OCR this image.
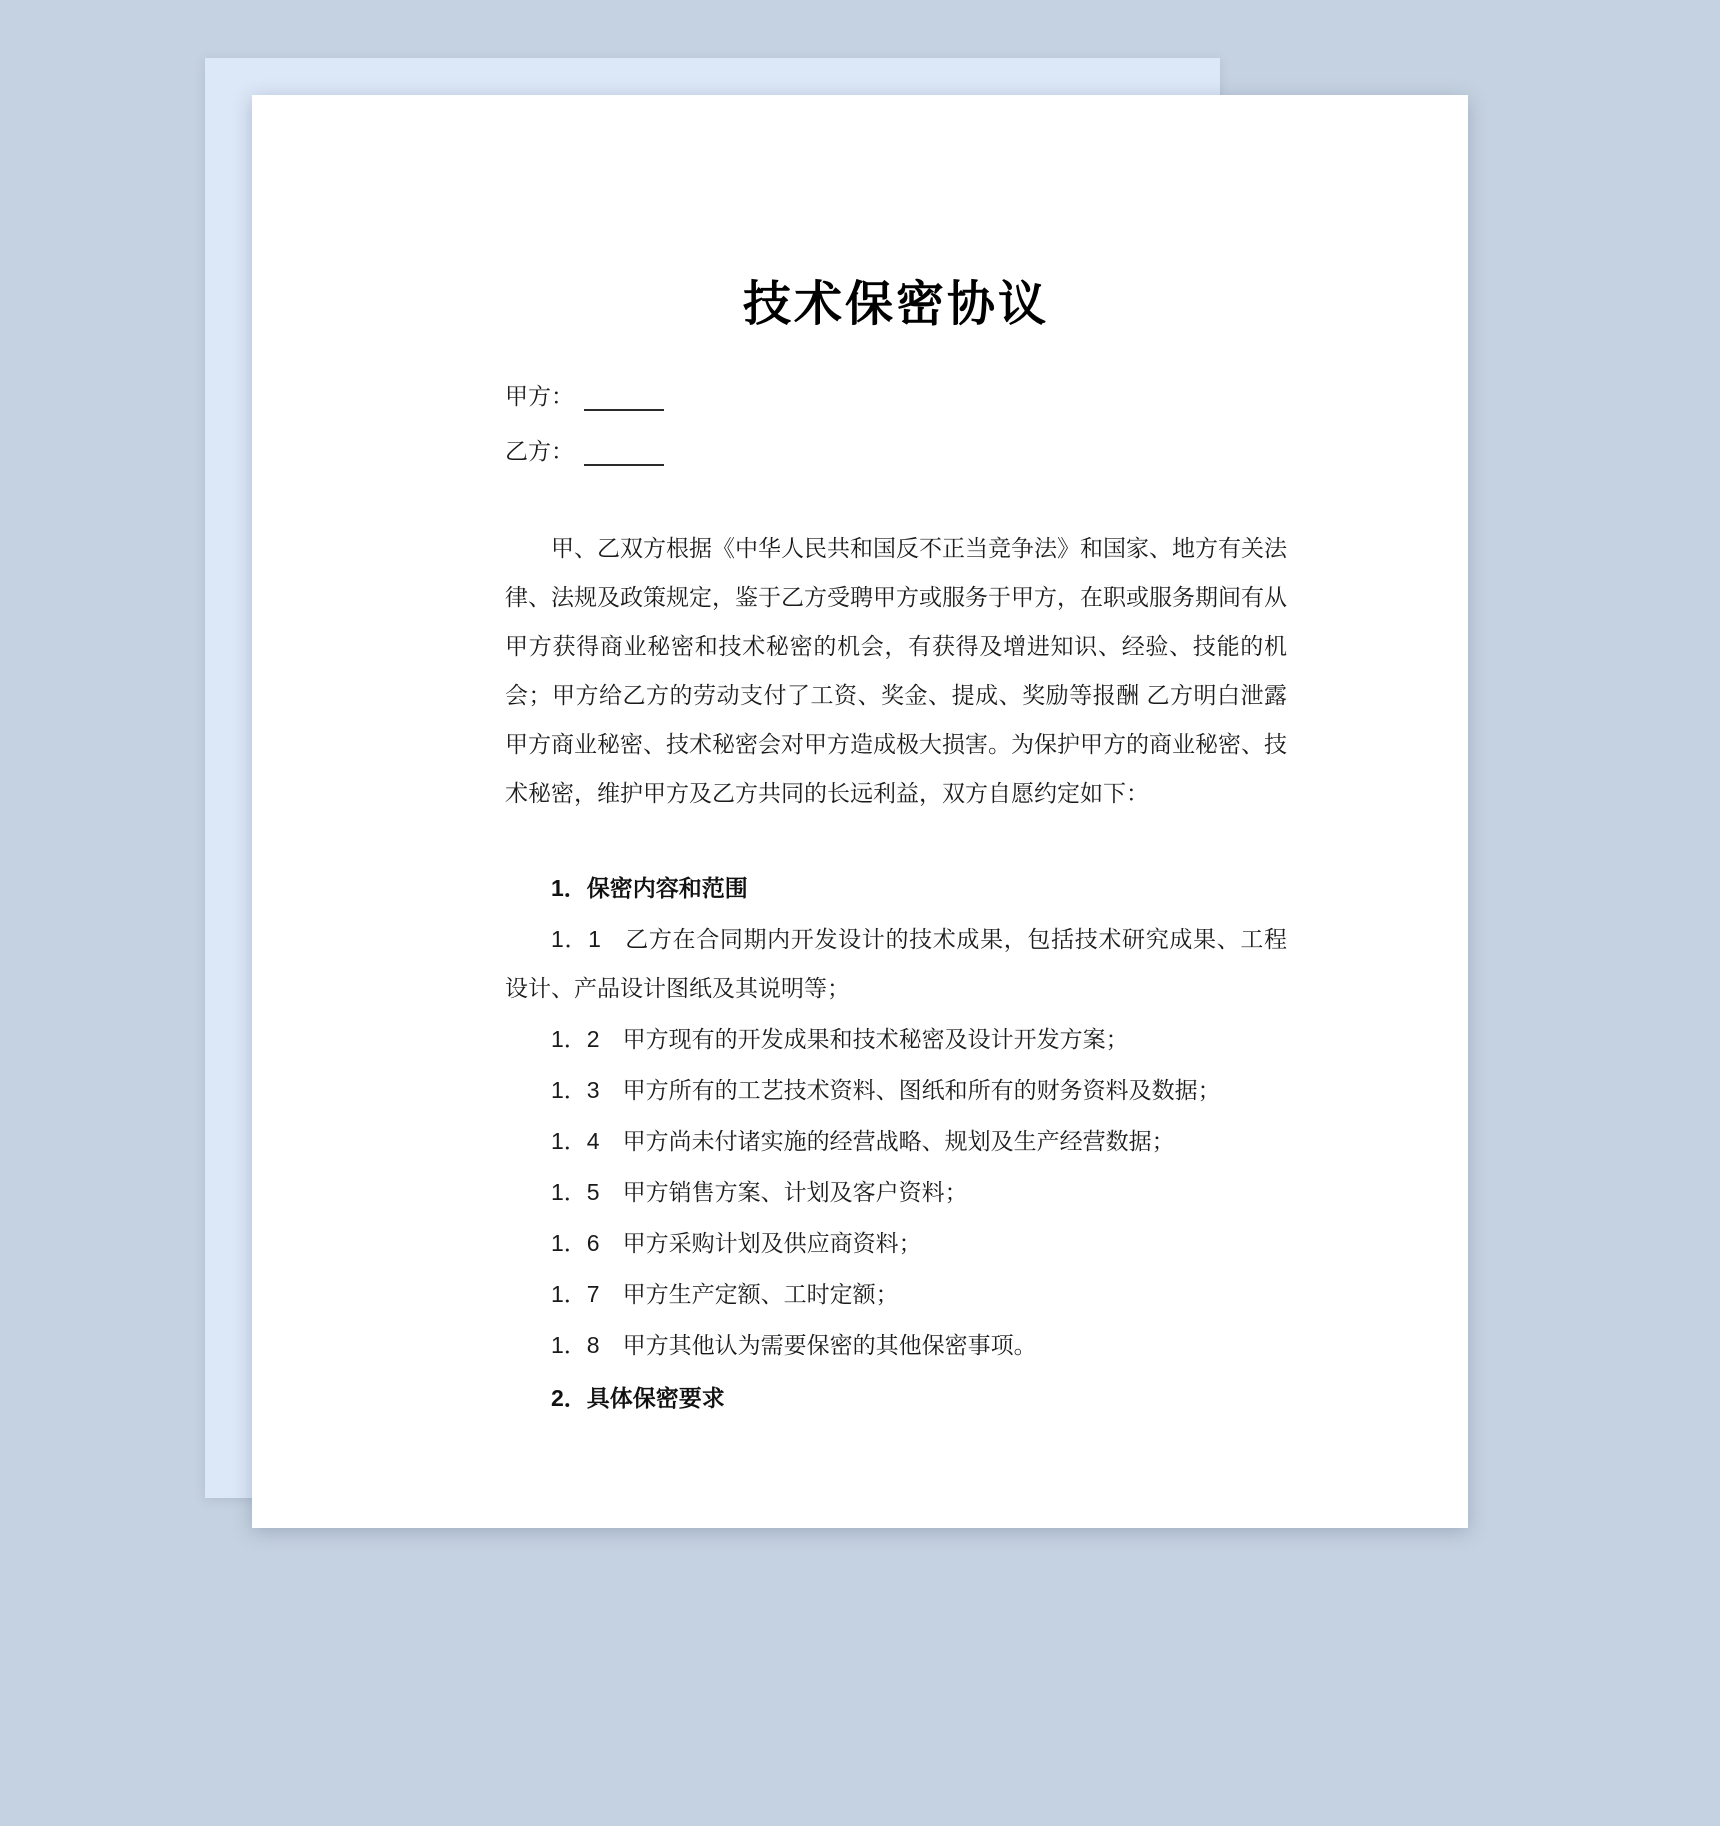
技术保密协议
甲方：
乙方：

甲、乙双方根据《中华人民共和国反不正当竞争法》和国家、地方有关法律、法规及政策规定，鉴于乙方受聘甲方或服务于甲方，在职或服务期间有从甲方获得商业秘密和技术秘密的机会，有获得及增进知识、经验、技能的机会；甲方给乙方的劳动支付了工资、奖金、提成、奖励等报酬 乙方明白泄露甲方商业秘密、技术秘密会对甲方造成极大损害。为保护甲方的商业秘密、技术秘密，维护甲方及乙方共同的长远利益，双方自愿约定如下：

1．保密内容和范围

1．1　乙方在合同期内开发设计的技术成果，包括技术研究成果、工程设计、产品设计图纸及其说明等；

1．2　甲方现有的开发成果和技术秘密及设计开发方案；

1．3　甲方所有的工艺技术资料、图纸和所有的财务资料及数据；

1．4　甲方尚未付诸实施的经营战略、规划及生产经营数据；

1．5　甲方销售方案、计划及客户资料；

1．6　甲方采购计划及供应商资料；

1．7　甲方生产定额、工时定额；

1．8　甲方其他认为需要保密的其他保密事项。

2．具体保密要求
